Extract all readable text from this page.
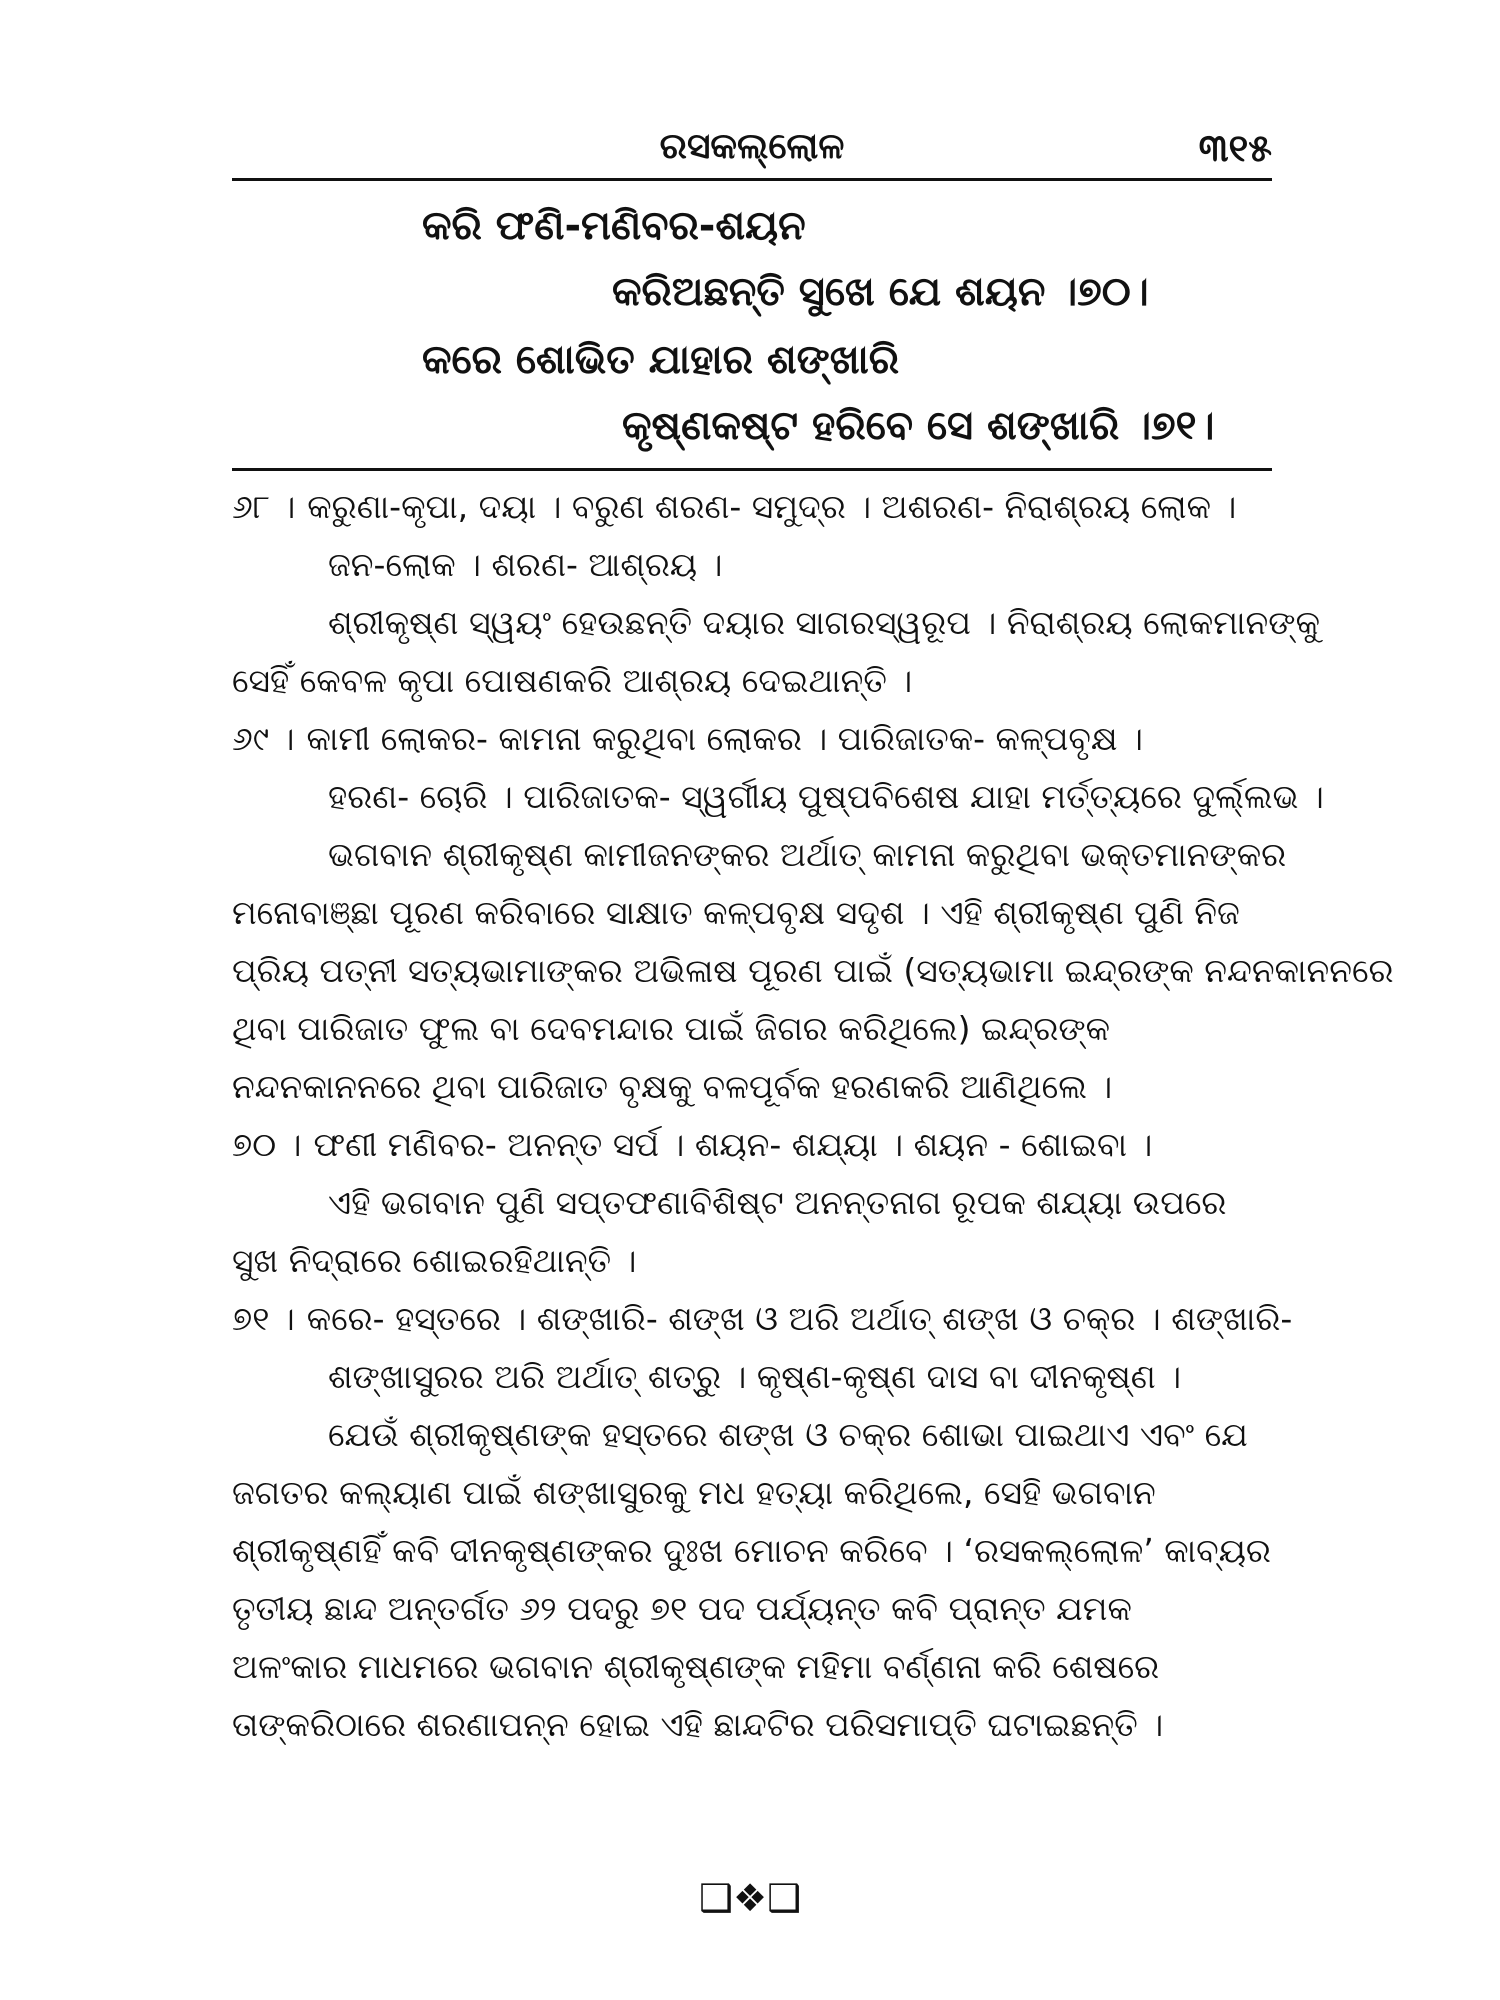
ରସକଲ୍ଲୋଳ	୩୧୫
କରି ଫଣି-ମଣିବର-ଶୟନ
କରିଅଛନ୍ତି ସୁଖେ ଯେ ଶୟନ ।୭୦।
କରେ ଶୋଭିତ ଯାହାର ଶଙ୍ଖାରି
କୃଷ୍ଣକଷ୍ଟ ହରିବେ ସେ ଶଙ୍ଖାରି ।୭୧।
୬୮ । କରୁଣା-କୃପା, ଦୟା । ବରୁଣ ଶରଣ- ସମୁଦ୍ର । ଅଶରଣ- ନିରାଶ୍ରୟ ଲୋକ ।
ଜନ-ଲୋକ । ଶରଣ- ଆଶ୍ରୟ ।
ଶ୍ରୀକୃଷ୍ଣ ସ୍ୱୟଂ ହେଉଛନ୍ତି ଦୟାର ସାଗରସ୍ୱରୂପ । ନିରାଶ୍ରୟ ଲୋକମାନଙ୍କୁ
ସେହିଁ କେବଳ କୃପା ପୋଷଣକରି ଆଶ୍ରୟ ଦେଇଥାନ୍ତି ।
୬୯ । କାମୀ ଲୋକର- କାମନା କରୁଥିବା ଲୋକର । ପାରିଜାତକ- କଳ୍ପବୃକ୍ଷ ।
ହରଣ- ଚୋରି । ପାରିଜାତକ- ସ୍ୱର୍ଗୀୟ ପୁଷ୍ପବିଶେଷ ଯାହା ମର୍ତ୍ତ୍ୟରେ ଦୁର୍ଲ୍ଲଭ ।
ଭଗବାନ ଶ୍ରୀକୃଷ୍ଣ କାମୀଜନଙ୍କର ଅର୍ଥାତ୍ କାମନା କରୁଥିବା ଭକ୍ତମାନଙ୍କର
ମନୋବାଞ୍ଛା ପୂରଣ କରିବାରେ ସାକ୍ଷାତ କଳ୍ପବୃକ୍ଷ ସଦୃଶ । ଏହି ଶ୍ରୀକୃଷ୍ଣ ପୁଣି ନିଜ
ପ୍ରିୟ ପତ୍ନୀ ସତ୍ୟଭାମାଙ୍କର ଅଭିଳାଷ ପୂରଣ ପାଇଁ (ସତ୍ୟଭାମା ଇନ୍ଦ୍ରଙ୍କ ନନ୍ଦନକାନନରେ
ଥିବା ପାରିଜାତ ଫୁଲ ବା ଦେବମନ୍ଦାର ପାଇଁ ଜିଗର କରିଥିଲେ) ଇନ୍ଦ୍ରଙ୍କ
ନନ୍ଦନକାନନରେ ଥିବା ପାରିଜାତ ବୃକ୍ଷକୁ ବଳପୂର୍ବକ ହରଣକରି ଆଣିଥିଲେ ।
୭୦ । ଫଣୀ ମଣିବର- ଅନନ୍ତ ସର୍ପ । ଶୟନ- ଶଯ୍ୟା । ଶୟନ - ଶୋଇବା ।
ଏହି ଭଗବାନ ପୁଣି ସପ୍ତଫଣାବିଶିଷ୍ଟ ଅନନ୍ତନାଗ ରୂପକ ଶଯ୍ୟା ଉପରେ
ସୁଖ ନିଦ୍ରାରେ ଶୋଇରହିଥାନ୍ତି ।
୭୧ । କରେ- ହସ୍ତରେ । ଶଙ୍ଖାରି- ଶଙ୍ଖ ଓ ଅରି ଅର୍ଥାତ୍ ଶଙ୍ଖ ଓ ଚକ୍ର । ଶଙ୍ଖାରି-
ଶଙ୍ଖାସୁରର ଅରି ଅର୍ଥାତ୍ ଶତ୍ରୁ । କୃଷ୍ଣ-କୃଷ୍ଣ ଦାସ ବା ଦୀନକୃଷ୍ଣ ।
ଯେଉଁ ଶ୍ରୀକୃଷ୍ଣଙ୍କ ହସ୍ତରେ ଶଙ୍ଖ ଓ ଚକ୍ର ଶୋଭା ପାଇଥାଏ ଏବଂ ଯେ
ଜଗତର କଲ୍ୟାଣ ପାଇଁ ଶଙ୍ଖାସୁରକୁ ମଧ ହତ୍ୟା କରିଥିଲେ, ସେହି ଭଗବାନ
ଶ୍ରୀକୃଷ୍ଣହିଁ କବି ଦୀନକୃଷ୍ଣଙ୍କର ଦୁଃଖ ମୋଚନ କରିବେ । ‘ରସକଲ୍ଲୋଳ’ କାବ୍ୟର
ତୃତୀୟ ଛାନ୍ଦ ଅନ୍ତର୍ଗତ ୬୨ ପଦରୁ ୭୧ ପଦ ପର୍ଯ୍ୟନ୍ତ କବି ପ୍ରାନ୍ତ ଯମକ
ଅଳଂକାର ମାଧମରେ ଭଗବାନ ଶ୍ରୀକୃଷ୍ଣଙ୍କ ମହିମା ବର୍ଣ୍ଣନା କରି ଶେଷରେ
ତାଙ୍କରିଠାରେ ଶରଣାପନ୍ନ ହୋଇ ଏହି ଛାନ୍ଦଟିର ପରିସମାପ୍ତି ଘଟାଇଛନ୍ତି ।
❑❖❑
